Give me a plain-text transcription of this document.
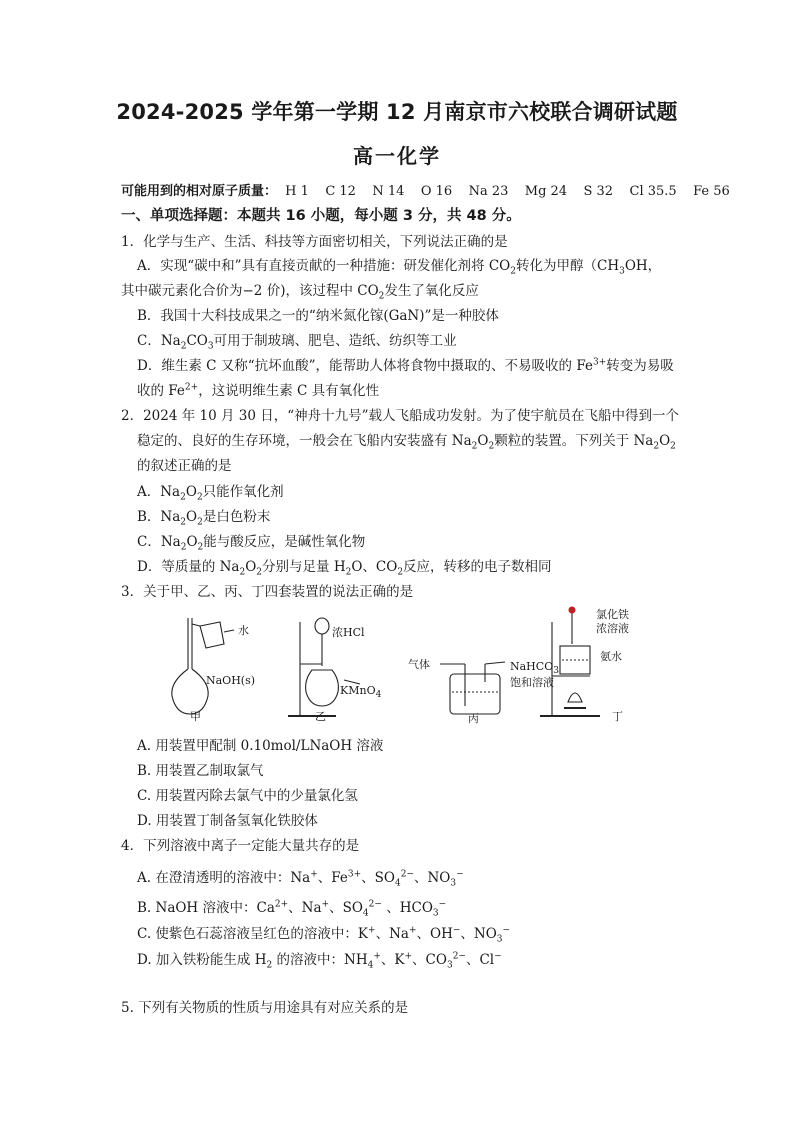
2024-2025 学年第一学期 12 月南京市六校联合调研试题
高一化学
可能用到的相对原子质量： H 1 C 12 N 14 O 16 Na 23 Mg 24 S 32 Cl 35.5 Fe 56
一、单项选择题：本题共 16 小题，每小题 3 分，共 48 分。
1．化学与生产、生活、科技等方面密切相关，下列说法正确的是
A．实现“碳中和”具有直接贡献的一种措施：研发催化剂将 $CO_2$转化为甲醇（$CH_3OH$，
其中碳元素化合价为−2 价)，该过程中 $CO_2$发生了氧化反应
B．我国十大科技成果之一的“纳米氮化镓(GaN)”是一种胶体
C．$Na_2CO_3$可用于制玻璃、肥皂、造纸、纺织等工业
D．维生素 C 又称“抗坏血酸”，能帮助人体将食物中摄取的、不易吸收的 $Fe^{3+}$转变为易吸
收的 $Fe^{2+}$，这说明维生素 C 具有氧化性
2．2024 年 10 月 30 日，“神舟十九号”载人飞船成功发射。为了使宇航员在飞船中得到一个
稳定的、良好的生存环境，一般会在飞船内安装盛有 $Na_2O_2$颗粒的装置。下列关于 $Na_2O_2$
的叙述正确的是
A．$Na_2O_2$只能作氧化剂
B．$Na_2O_2$是白色粉末
C．$Na_2O_2$能与酸反应，是碱性氧化物
D．等质量的 $Na_2O_2$分别与足量 $H_2O$、$CO_2$反应，转移的电子数相同
3．关于甲、乙、丙、丁四套装置的说法正确的是
水
NaOH(s)
浓HCl
KMnO$_4$
气体	NaHCO$_3$
饱和溶液
氯化铁
浓溶液
氨水
甲	乙	丙	丁
A. 用装置甲配制 0.10mol/LNaOH 溶液
B. 用装置乙制取氯气
C. 用装置丙除去氯气中的少量氯化氢
D. 用装置丁制备氢氧化铁胶体
4．下列溶液中离子一定能大量共存的是
A. 在澄清透明的溶液中：Na+、$Fe^{3+}$、$SO_4^{2-}$、$NO_3^-$
B. NaOH 溶液中：$Ca^{2+}$、Na+、$SO_4^{2-}$ 、$HCO_3^-$
C. 使紫色石蕊溶液呈红色的溶液中：K+、Na+、OH−、$NO_3^-$
D. 加入铁粉能生成 $H_2$ 的溶液中：$NH_4^+$、K+、$CO_3^{2-}$、Cl−
5. 下列有关物质的性质与用途具有对应关系的是
